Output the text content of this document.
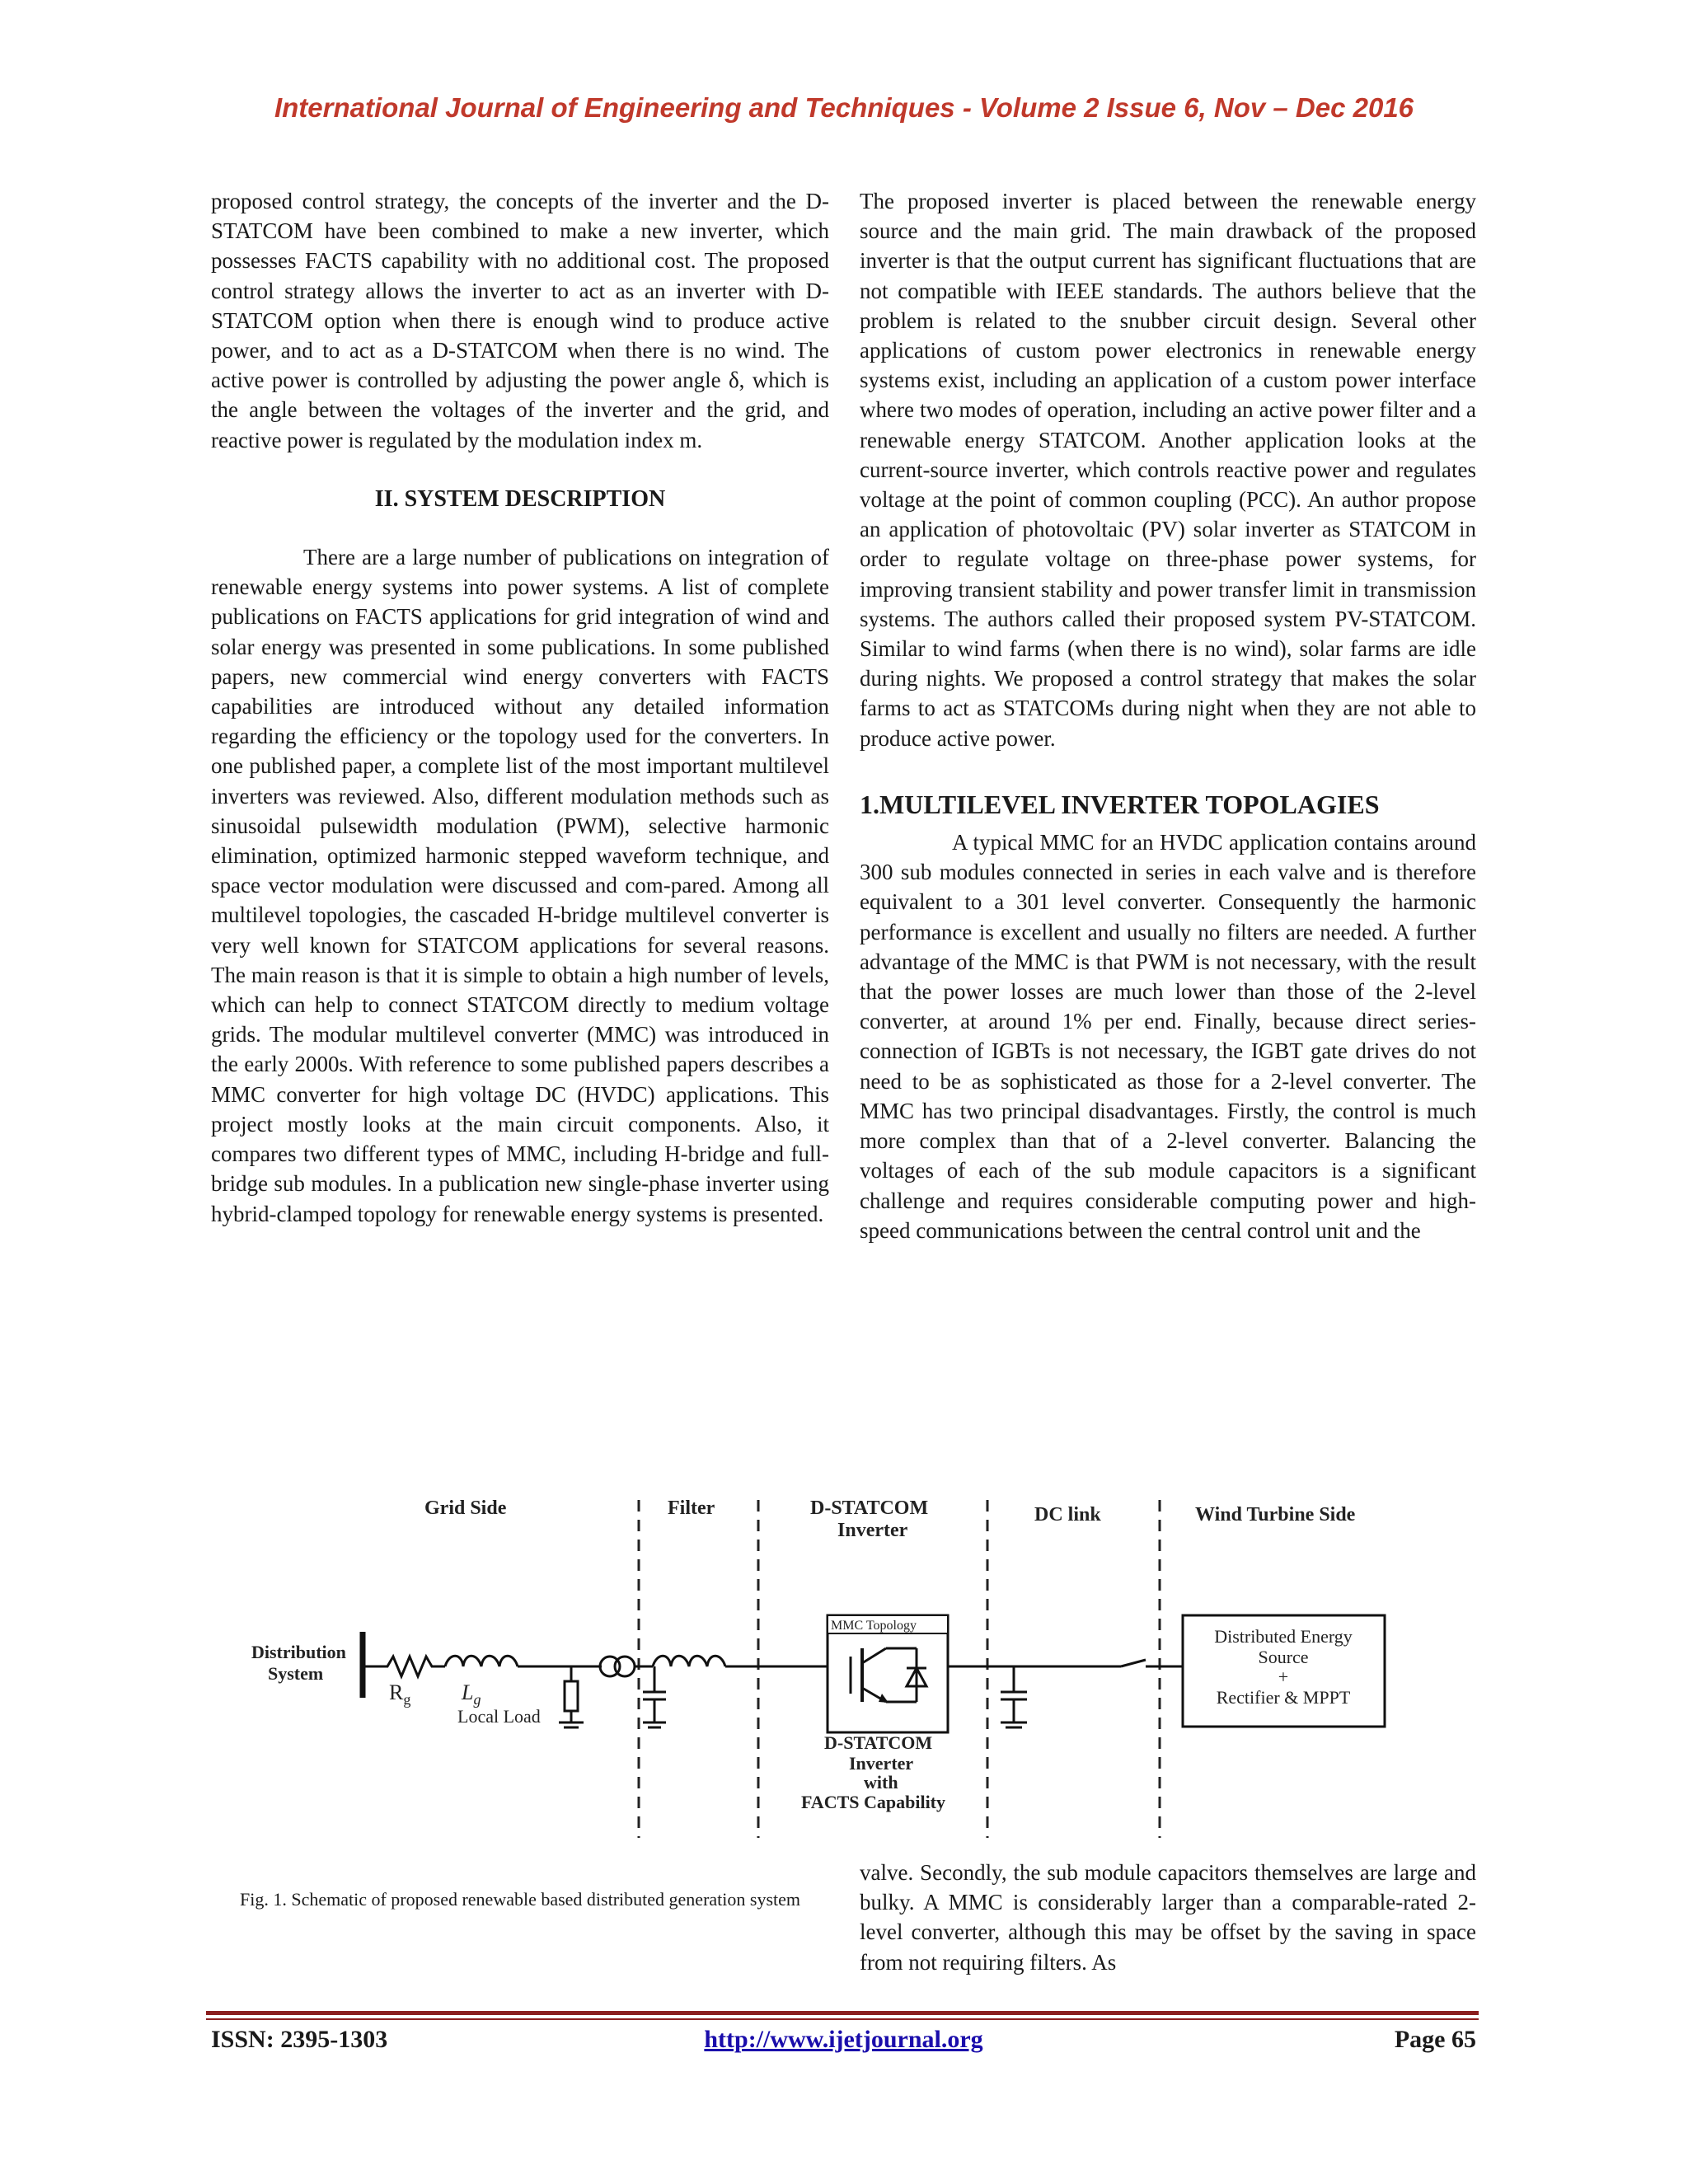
International Journal of Engineering and Techniques - Volume 2 Issue 6, Nov – Dec 2016

proposed control strategy, the concepts of the inverter and the D-STATCOM have been combined to make a new inverter, which possesses FACTS capability with no additional cost. The proposed control strategy allows the inverter to act as an inverter with D-STATCOM option when there is enough wind to produce active power, and to act as a D-STATCOM when there is no wind. The active power is controlled by adjusting the power angle δ, which is the angle between the voltages of the inverter and the grid, and reactive power is regulated by the modulation index m.

II. SYSTEM DESCRIPTION

There are a large number of publications on integration of renewable energy systems into power systems. A list of complete publications on FACTS applications for grid integration of wind and solar energy was presented in some publications. In some published papers, new commercial wind energy converters with FACTS capabilities are introduced without any detailed information regarding the efficiency or the topology used for the converters. In one published paper, a complete list of the most important multilevel inverters was reviewed. Also, different modulation methods such as sinusoidal pulsewidth modulation (PWM), selective harmonic elimination, optimized harmonic stepped waveform technique, and space vector modulation were discussed and com-pared. Among all multilevel topologies, the cascaded H-bridge multilevel converter is very well known for STATCOM applications for several reasons. The main reason is that it is simple to obtain a high number of levels, which can help to connect STATCOM directly to medium voltage grids. The modular multilevel converter (MMC) was introduced in the early 2000s. With reference to some published papers describes a MMC converter for high voltage DC (HVDC) applications. This project mostly looks at the main circuit components. Also, it compares two different types of MMC, including H-bridge and full-bridge sub modules. In a publication new single-phase inverter using hybrid-clamped topology for renewable energy systems is presented.

The proposed inverter is placed between the renewable energy source and the main grid. The main drawback of the proposed inverter is that the output current has significant fluctuations that are not compatible with IEEE standards. The authors believe that the problem is related to the snubber circuit design. Several other applications of custom power electronics in renewable energy systems exist, including an application of a custom power interface where two modes of operation, including an active power filter and a renewable energy STATCOM. Another application looks at the current-source inverter, which controls reactive power and regulates voltage at the point of common coupling (PCC). An author propose an application of photovoltaic (PV) solar inverter as STATCOM in order to regulate voltage on three-phase power systems, for improving transient stability and power transfer limit in transmission systems. The authors called their proposed system PV-STATCOM. Similar to wind farms (when there is no wind), solar farms are idle during nights. We proposed a control strategy that makes the solar farms to act as STATCOMs during night when they are not able to produce active power.

1.MULTILEVEL INVERTER TOPOLAGIES

A typical MMC for an HVDC application contains around 300 sub modules connected in series in each valve and is therefore equivalent to a 301 level converter. Consequently the harmonic performance is excellent and usually no filters are needed. A further advantage of the MMC is that PWM is not necessary, with the result that the power losses are much lower than those of the 2-level converter, at around 1% per end. Finally, because direct series-connection of IGBTs is not necessary, the IGBT gate drives do not need to be as sophisticated as those for a 2-level converter. The MMC has two principal disadvantages. Firstly, the control is much more complex than that of a 2-level converter. Balancing the voltages of each of the sub module capacitors is a significant challenge and requires considerable computing power and high-speed communications between the central control unit and the

Grid Side	Filter	D-STATCOM
Inverter
DC link	Wind Turbine Side
Distribution
System
$R_g$ $L_g$
Local Load
MMC Topology
D-STATCOM
Inverter
with
FACTS Capability
Distributed Energy
Source
+
Rectifier & MPPT
Fig. 1. Schematic of proposed renewable based distributed generation system

valve. Secondly, the sub module capacitors themselves are large and bulky. A MMC is considerably larger than a comparable-rated 2-level converter, although this may be offset by the saving in space from not requiring filters. As

ISSN: 2395-1303	http://www.ijetjournal.org	Page 65
